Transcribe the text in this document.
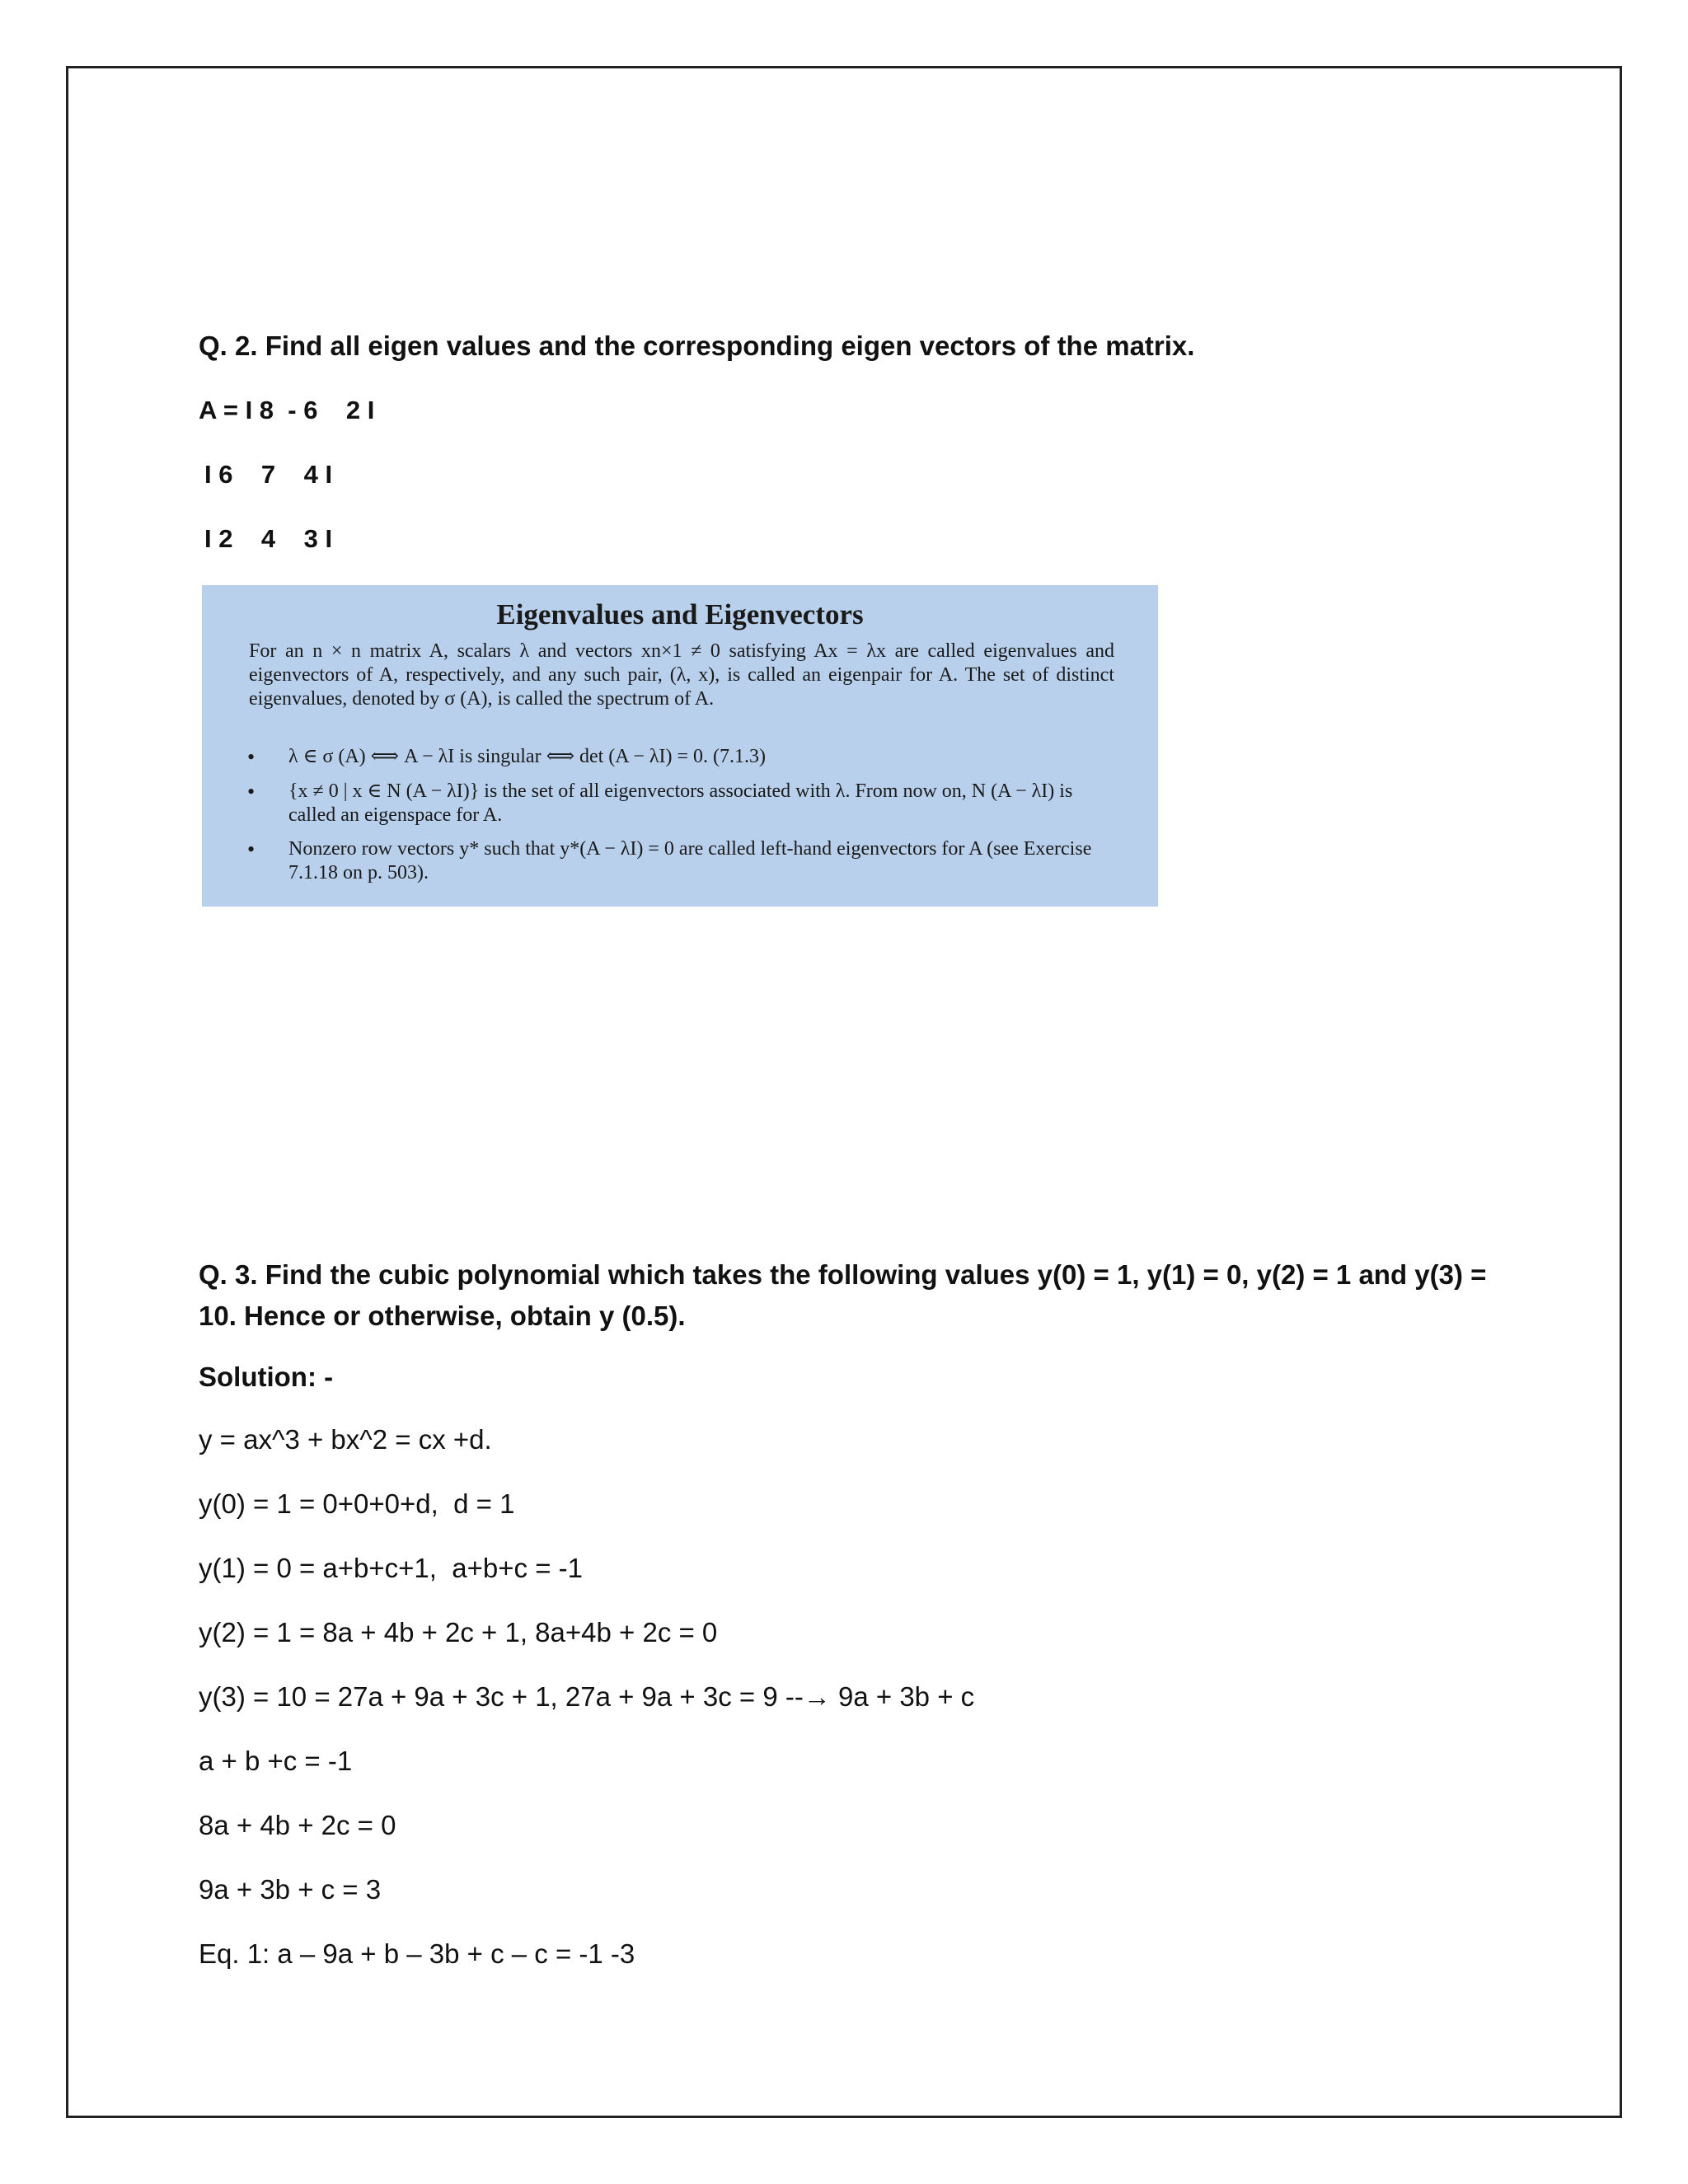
Q. 2. Find all eigen values and the corresponding eigen vectors of the matrix.
A = I 8  - 6    2 I
I 6    7    4 I
I 2    4    3 I
Eigenvalues and Eigenvectors
For an n × n matrix A, scalars λ and vectors xn×1 ≠ 0 satisfying Ax = λx are called eigenvalues and eigenvectors of A, respectively, and any such pair, (λ, x), is called an eigenpair for A. The set of distinct eigenvalues, denoted by σ (A), is called the spectrum of A.
• λ ∈ σ (A) ⟺ A − λI is singular ⟺ det (A − λI) = 0. (7.1.3)
• {x ≠ 0 | x ∈ N (A − λI)} is the set of all eigenvectors associated with λ. From now on, N (A − λI) is called an eigenspace for A.
• Nonzero row vectors y* such that y*(A − λI) = 0 are called left-hand eigenvectors for A (see Exercise 7.1.18 on p. 503).
Q. 3. Find the cubic polynomial which takes the following values y(0) = 1, y(1) = 0, y(2) = 1 and y(3) =
10. Hence or otherwise, obtain y (0.5).
Solution: -
y = ax^3 + bx^2 = cx +d.
y(0) = 1 = 0+0+0+d,  d = 1
y(1) = 0 = a+b+c+1,  a+b+c = -1
y(2) = 1 = 8a + 4b + 2c + 1, 8a+4b + 2c = 0
y(3) = 10 = 27a + 9a + 3c + 1, 27a + 9a + 3c = 9 --→ 9a + 3b + c
a + b +c = -1
8a + 4b + 2c = 0
9a + 3b + c = 3
Eq. 1: a – 9a + b – 3b + c – c = -1 -3
